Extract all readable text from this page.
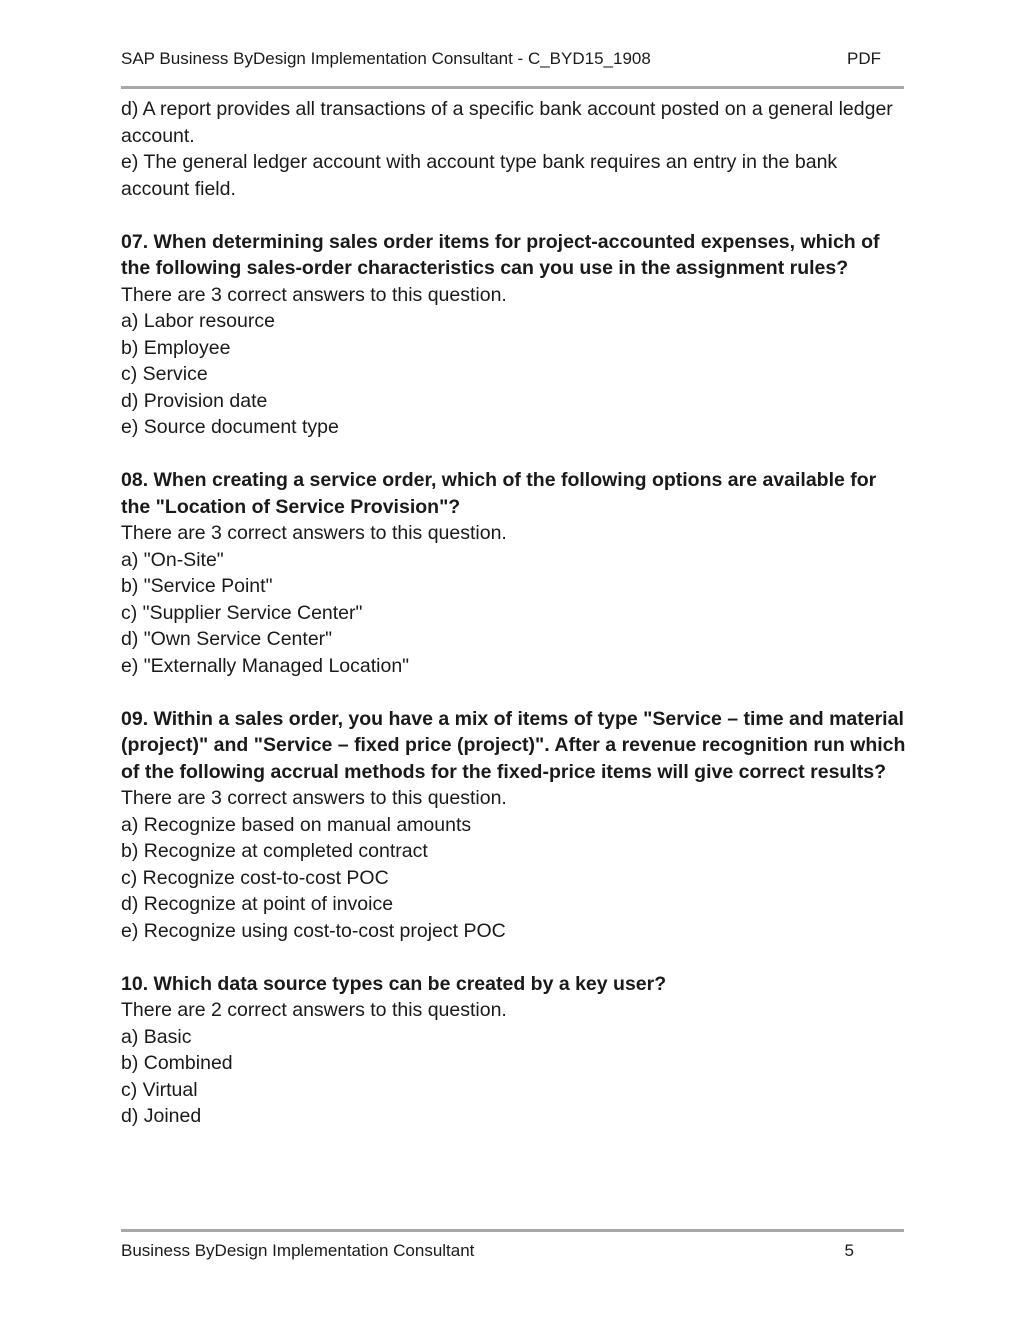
SAP Business ByDesign Implementation Consultant - C_BYD15_1908	PDF

d) A report provides all transactions of a specific bank account posted on a general ledger account.

e) The general ledger account with account type bank requires an entry in the bank account field.

07. When determining sales order items for project-accounted expenses, which of the following sales-order characteristics can you use in the assignment rules?

There are 3 correct answers to this question.

a) Labor resource

b) Employee

c) Service

d) Provision date

e) Source document type

08. When creating a service order, which of the following options are available for the "Location of Service Provision"?

There are 3 correct answers to this question.

a) "On-Site"

b) "Service Point"

c) "Supplier Service Center"

d) "Own Service Center"

e) "Externally Managed Location"

09. Within a sales order, you have a mix of items of type "Service – time and material (project)" and "Service – fixed price (project)". After a revenue recognition run which of the following accrual methods for the fixed-price items will give correct results?

There are 3 correct answers to this question.

a) Recognize based on manual amounts

b) Recognize at completed contract

c) Recognize cost-to-cost POC

d) Recognize at point of invoice

e) Recognize using cost-to-cost project POC

10. Which data source types can be created by a key user?

There are 2 correct answers to this question.

a) Basic

b) Combined

c) Virtual

d) Joined

Business ByDesign Implementation Consultant	5
